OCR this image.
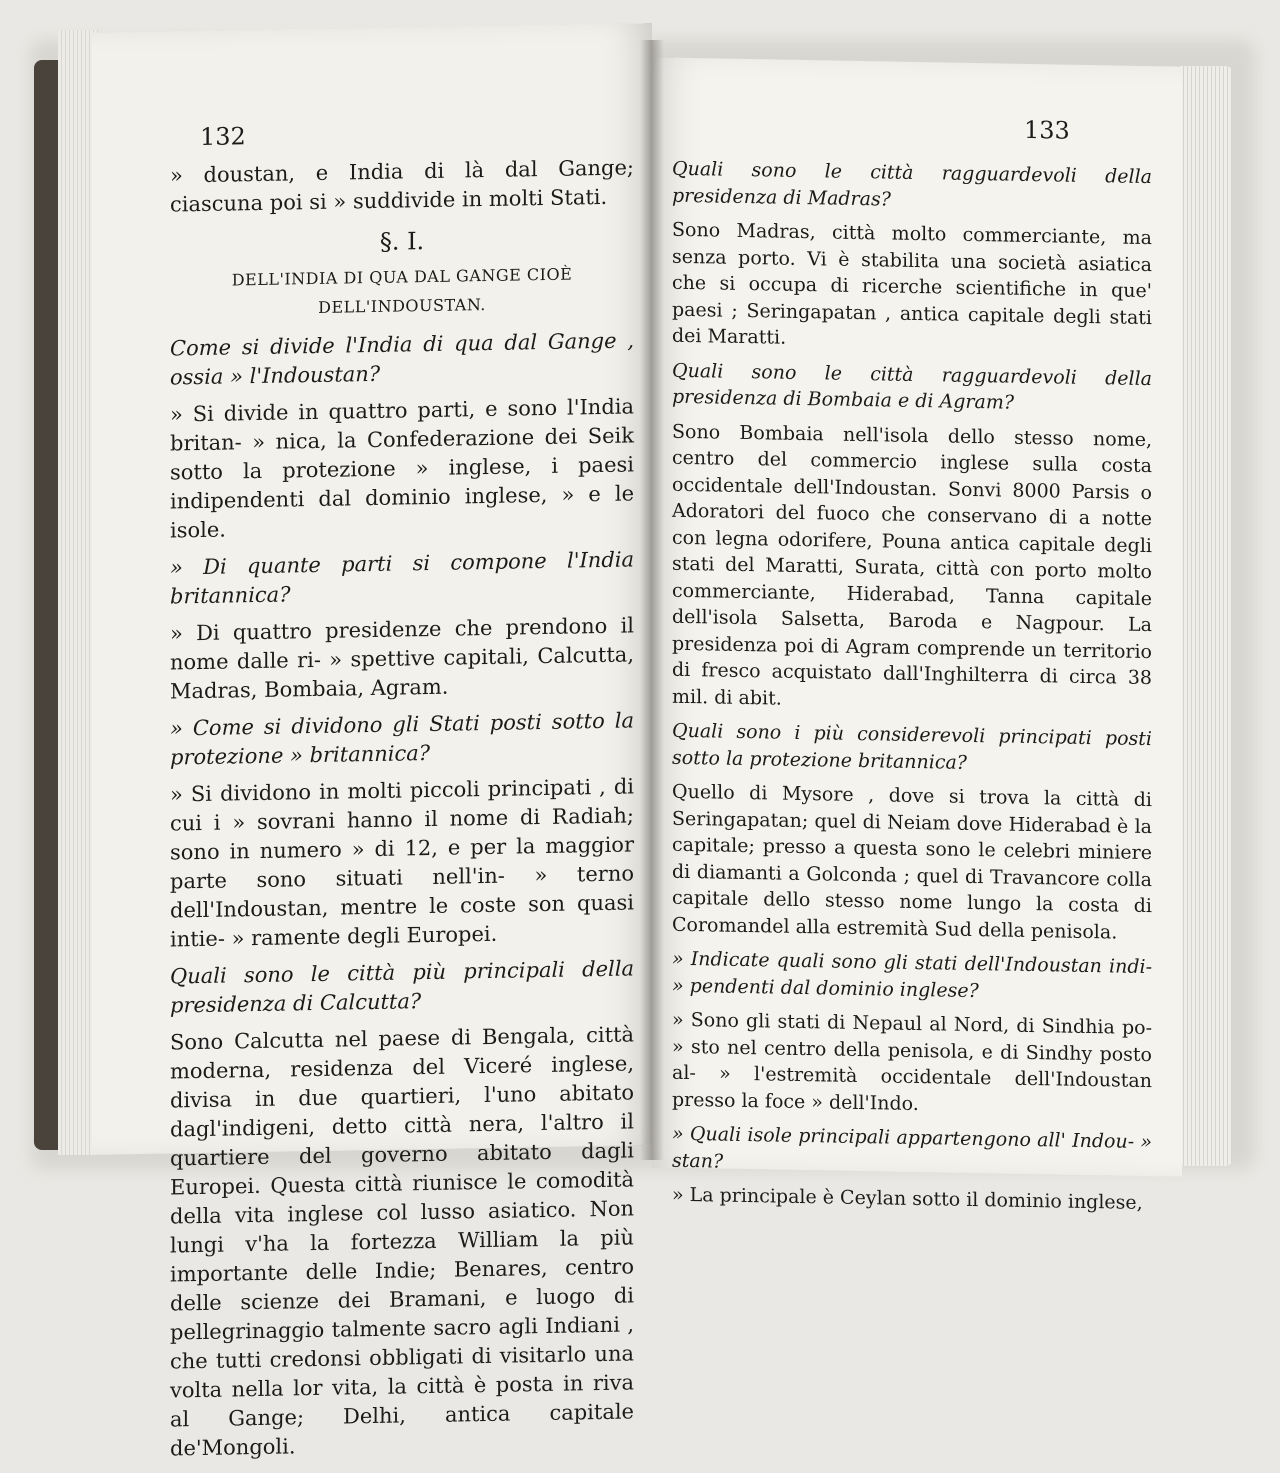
132

» doustan, e India di là dal Gange; ciascuna poi si » suddivide in molti Stati.

§. I.

DELL'INDIA DI QUA DAL GANGE CIOÈ DELL'INDOUSTAN.

Come si divide l'India di qua dal Gange , ossia » l'Indoustan?

» Si divide in quattro parti, e sono l'India britan- » nica, la Confederazione dei Seik sotto la protezione » inglese, i paesi indipendenti dal dominio inglese, » e le isole.

» Di quante parti si compone l'India britannica?

» Di quattro presidenze che prendono il nome dalle ri- » spettive capitali, Calcutta, Madras, Bombaia, Agram.

» Come si dividono gli Stati posti sotto la protezione » britannica?

» Si dividono in molti piccoli principati , di cui i » sovrani hanno il nome di Radiah; sono in numero » di 12, e per la maggior parte sono situati nell'in- » terno dell'Indoustan, mentre le coste son quasi intie- » ramente degli Europei.

Quali sono le città più principali della presidenza di Calcutta?

Sono Calcutta nel paese di Bengala, città moderna, residenza del Viceré inglese, divisa in due quartieri, l'uno abitato dagl'indigeni, detto città nera, l'altro il quartiere del governo abitato dagli Europei. Questa città riunisce le comodità della vita inglese col lusso asiatico. Non lungi v'ha la fortezza William la più importante delle Indie; Benares, centro delle scienze dei Bramani, e luogo di pellegrinaggio talmente sacro agli Indiani , che tutti credonsi obbligati di visitarlo una volta nella lor vita, la città è posta in riva al Gange; Delhi, antica capitale de'Mongoli.

133

Quali sono le città ragguardevoli della presidenza di Madras?

Sono Madras, città molto commerciante, ma senza porto. Vi è stabilita una società asiatica che si occupa di ricerche scientifiche in que' paesi ; Seringapatan , antica capitale degli stati dei Maratti.

Quali sono le città ragguardevoli della presidenza di Bombaia e di Agram?

Sono Bombaia nell'isola dello stesso nome, centro del commercio inglese sulla costa occidentale dell'Indoustan. Sonvi 8000 Parsis o Adoratori del fuoco che conservano di a notte con legna odorifere, Pouna antica capitale degli stati del Maratti, Surata, città con porto molto commerciante, Hiderabad, Tanna capitale dell'isola Salsetta, Baroda e Nagpour. La presidenza poi di Agram comprende un territorio di fresco acquistato dall'Inghilterra di circa 38 mil. di abit.

Quali sono i più considerevoli principati posti sotto la protezione britannica?

Quello di Mysore , dove si trova la città di Seringapatan; quel di Neiam dove Hiderabad è la capitale; presso a questa sono le celebri miniere di diamanti a Golconda ; quel di Travancore colla capitale dello stesso nome lungo la costa di Coromandel alla estremità Sud della penisola.

» Indicate quali sono gli stati dell'Indoustan indi- » pendenti dal dominio inglese?

» Sono gli stati di Nepaul al Nord, di Sindhia po- » sto nel centro della penisola, e di Sindhy posto al- » l'estremità occidentale dell'Indoustan presso la foce » dell'Indo.

» Quali isole principali appartengono all' Indou- » stan?

» La principale è Ceylan sotto il dominio inglese,
